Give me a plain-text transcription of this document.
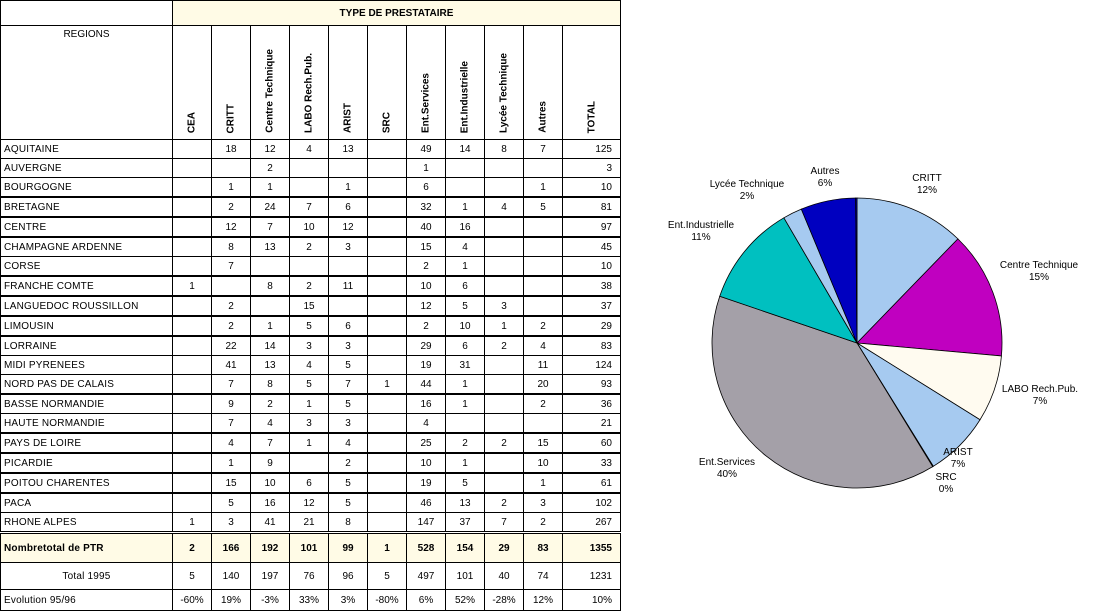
	TYPE DE PRESTATAIRE										
REGIONS	CEA	CRITT	Centre Technique	LABO Rech.Pub.	ARIST	SRC	Ent.Services	Ent.Industrielle	Lycée Technique	Autres	TOTAL

AQUITAINE		18	12	4	13		49	14	8	7	125
AUVERGNE			2				1				3
BOURGOGNE		1	1		1		6			1	10
BRETAGNE		2	24	7	6		32	1	4	5	81
CENTRE		12	7	10	12		40	16			97
CHAMPAGNE ARDENNE		8	13	2	3		15	4			45
CORSE		7					2	1			10
FRANCHE COMTE	1		8	2	11		10	6			38
LANGUEDOC ROUSSILLON		2		15			12	5	3		37
LIMOUSIN		2	1	5	6		2	10	1	2	29
LORRAINE		22	14	3	3		29	6	2	4	83
MIDI PYRENEES		41	13	4	5		19	31		11	124
NORD PAS DE CALAIS		7	8	5	7	1	44	1		20	93
BASSE NORMANDIE		9	2	1	5		16	1		2	36
HAUTE NORMANDIE		7	4	3	3		4				21
PAYS DE LOIRE		4	7	1	4		25	2	2	15	60
PICARDIE		1	9		2		10	1		10	33
POITOU CHARENTES		15	10	6	5		19	5		1	61
PACA		5	16	12	5		46	13	2	3	102
RHONE ALPES	1	3	41	21	8		147	37	7	2	267
Nombretotal de PTR	2	166	192	101	99	1	528	154	29	83	1355
Total 1995	5	140	197	76	96	5	497	101	40	74	1231
Evolution 95/96	-60%	19%	-3%	33%	3%	-80%	6%	52%	-28%	12%	10%
CRITT
12%
Centre Technique
15%
LABO Rech.Pub.
7%
ARIST
7%
SRC
0%
Ent.Services
40%
Ent.Industrielle
11%
Lycée Technique
2%
Autres
6%
